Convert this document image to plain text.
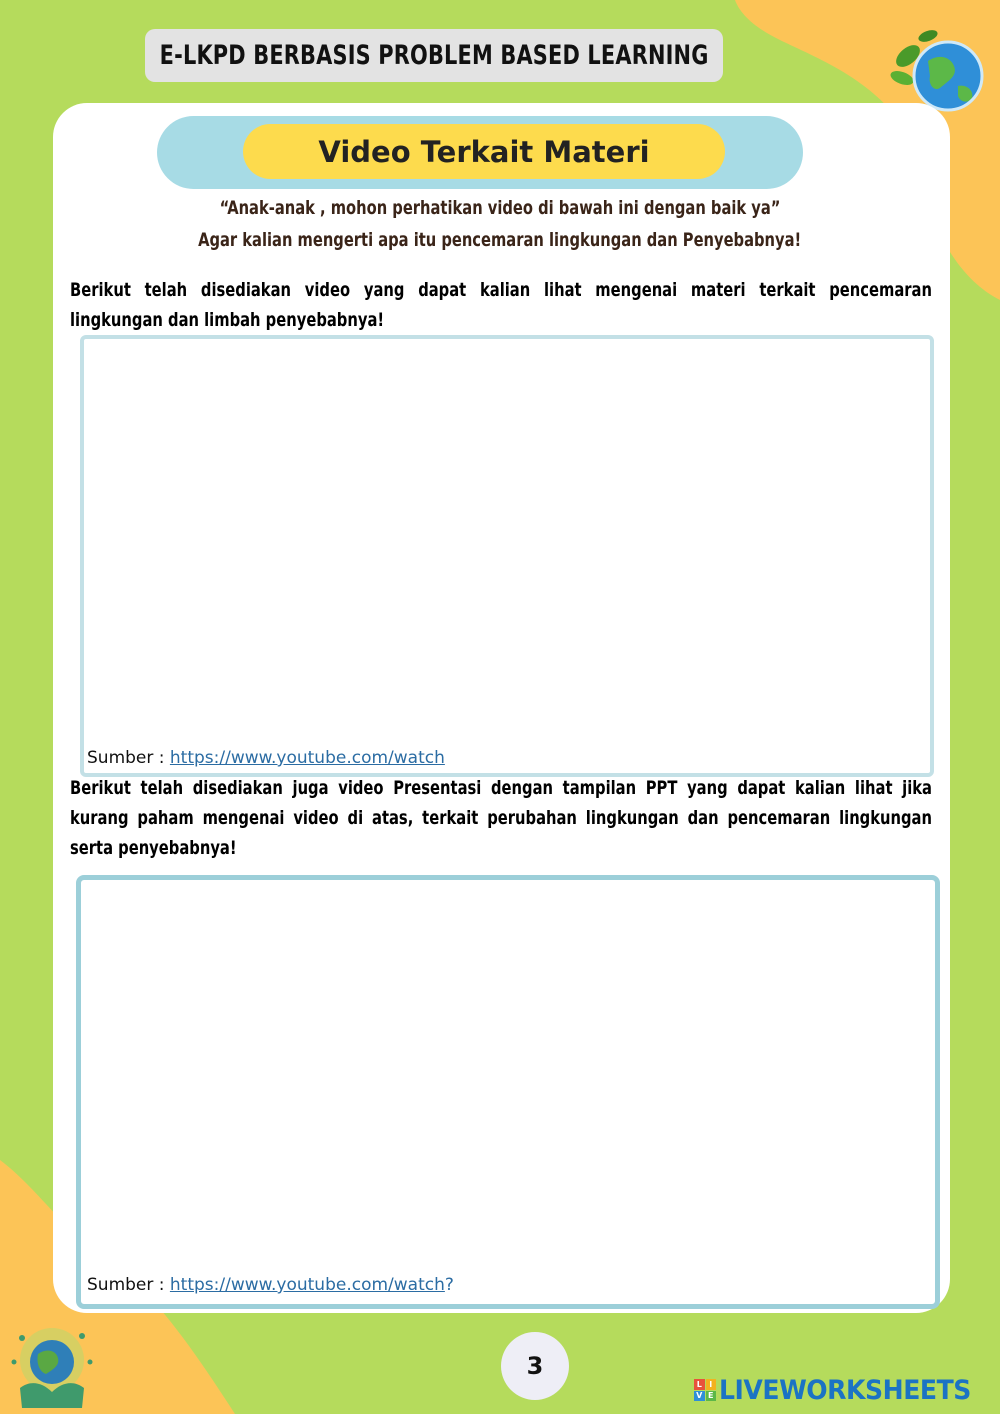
E-LKPD BERBASIS PROBLEM BASED LEARNING
Video Terkait Materi
“Anak-anak , mohon perhatikan video di bawah ini dengan baik ya”
Agar kalian mengerti apa itu pencemaran lingkungan dan Penyebabnya!
Berikut telah disediakan video yang dapat kalian lihat mengenai materi terkait pencemaran
lingkungan dan limbah penyebabnya!
Sumber : https://www.youtube.com/watch
Berikut telah disediakan juga video Presentasi dengan tampilan PPT yang dapat kalian lihat jika
kurang paham mengenai video di atas, terkait perubahan lingkungan dan pencemaran lingkungan
serta penyebabnya!
Sumber : https://www.youtube.com/watch?
3
L I
V E LIVEWORKSHEETS
